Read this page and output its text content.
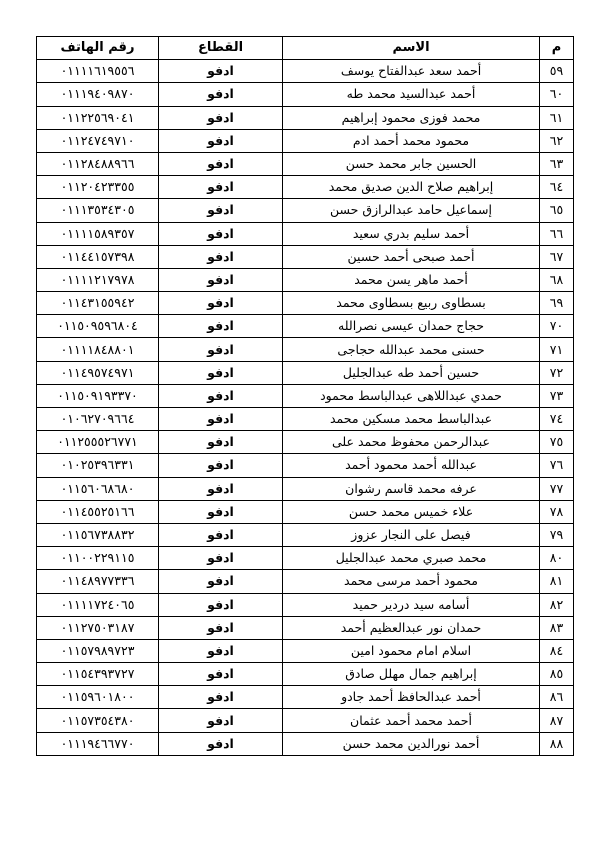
م	الاسم	القطاع	رقم الهاتف
٥٩	أحمد سعد عبدالفتاح يوسف	ادفو	٠١١١١٦١٩٥٥٦
٦٠	أحمد عبدالسيد محمد طه	ادفو	٠١١١٩٤٠٩٨٧٠
٦١	محمد فوزى محمود إبراهيم	ادفو	٠١١٢٢٥٦٩٠٤١
٦٢	محمود محمد أحمد ادم	ادفو	٠١١٢٤٧٤٩٧١٠
٦٣	الحسين جابر محمد حسن	ادفو	٠١١٢٨٤٨٨٩٦٦
٦٤	إبراهيم صلاح الدين صديق محمد	ادفو	٠١١٢٠٤٢٣٣٥٥
٦٥	إسماعيل حامد عبدالرازق حسن	ادفو	٠١١١٣٥٣٤٣٠٥
٦٦	أحمد سليم بدري سعيد	ادفو	٠١١١١٥٨٩٣٥٧
٦٧	أحمد صبحى أحمد حسين	ادفو	٠١١٤٤١٥٧٣٩٨
٦٨	أحمد ماهر يسن محمد	ادفو	٠١١١١٢١٧٩٧٨
٦٩	بسطاوى ربيع بسطاوى محمد	ادفو	٠١١٤٣١٥٥٩٤٢
٧٠	حجاج حمدان عيسى نصرالله	ادفو	٠١١٥٠٩٥٩٦٨٠٤
٧١	حسنى محمد عبدالله حجاجى	ادفو	٠١١١١٨٤٨٨٠١
٧٢	حسين أحمد طه عبدالجليل	ادفو	٠١١٤٩٥٧٤٩٧١
٧٣	حمدي عبداللاهى عبدالباسط محمود	ادفو	٠١١٥٠٩١٩٣٣٧٠
٧٤	عبدالباسط محمد مسكين محمد	ادفو	٠١٠٦٢٧٠٩٦٦٤
٧٥	عبدالرحمن محفوظ محمد على	ادفو	٠١١٢٥٥٥٢٦٧٧١
٧٦	عبدالله أحمد محمود أحمد	ادفو	٠١٠٢٥٣٩٦٣٣١
٧٧	عرفه محمد قاسم رشوان	ادفو	٠١١٥٦٠٦٨٦٨٠
٧٨	علاء خميس محمد حسن	ادفو	٠١١٤٥٥٢٥١٦٦
٧٩	فيصل على النجار عزوز	ادفو	٠١١٥٦٧٣٨٨٣٢
٨٠	محمد صبري محمد عبدالجليل	ادفو	٠١١٠٠٢٢٩١١٥
٨١	محمود أحمد مرسى محمد	ادفو	٠١١٤٨٩٧٧٣٣٦
٨٢	أسامه سيد دردير حميد	ادفو	٠١١١١٧٢٤٠٦٥
٨٣	حمدان نور عبدالعظيم أحمد	ادفو	٠١١٢٧٥٠٣١٨٧
٨٤	اسلام امام محمود امين	ادفو	٠١١٥٧٩٨٩٧٢٣
٨٥	إبراهيم جمال مهلل صادق	ادفو	٠١١٥٤٣٩٣٧٢٧
٨٦	أحمد عبدالحافظ أحمد جادو	ادفو	٠١١٥٩٦٠١٨٠٠
٨٧	أحمد محمد أحمد عثمان	ادفو	٠١١٥٧٣٥٤٣٨٠
٨٨	أحمد نورالدين محمد حسن	ادفو	٠١١١٩٤٦٦٧٧٠
